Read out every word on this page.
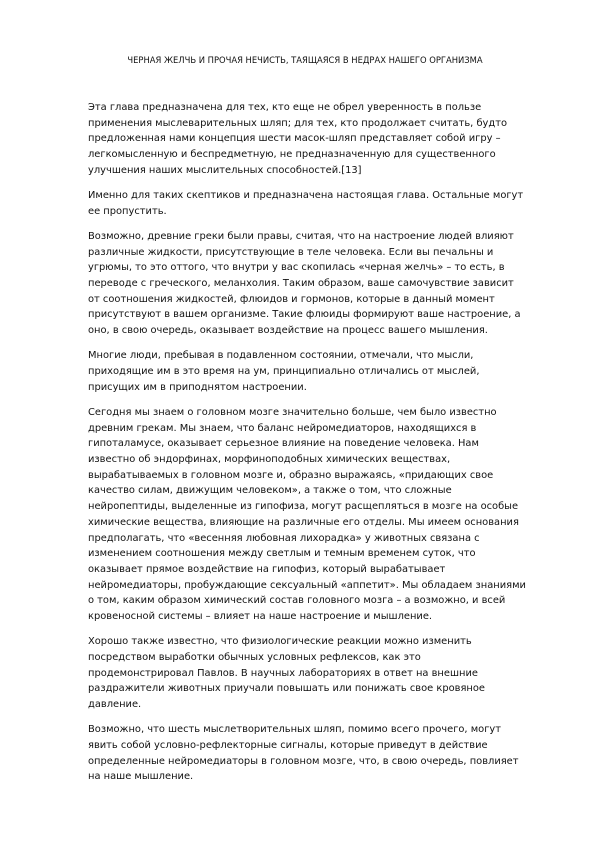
ЧЕРНАЯ ЖЕЛЧЬ И ПРОЧАЯ НЕЧИСТЬ, ТАЯЩАЯСЯ В НЕДРАХ НАШЕГО ОРГАНИЗМА

Эта глава предназначена для тех, кто еще не обрел уверенность в пользе применения мыслеварительных шляп; для тех, кто продолжает считать, будто предложенная нами концепция шести масок-шляп представляет собой игру – легкомысленную и беспредметную, не предназначенную для существенного улучшения наших мыслительных способностей.[13]

Именно для таких скептиков и предназначена настоящая глава. Остальные могут ее пропустить.

Возможно, древние греки были правы, считая, что на настроение людей влияют различные жидкости, присутствующие в теле человека. Если вы печальны и угрюмы, то это оттого, что внутри у вас скопилась «черная желчь» – то есть, в переводе с греческого, меланхолия. Таким образом, ваше самочувствие зависит от соотношения жидкостей, флюидов и гормонов, которые в данный момент присутствуют в вашем организме. Такие флюиды формируют ваше настроение, а оно, в свою очередь, оказывает воздействие на процесс вашего мышления.

Многие люди, пребывая в подавленном состоянии, отмечали, что мысли, приходящие им в это время на ум, принципиально отличались от мыслей, присущих им в приподнятом настроении.

Сегодня мы знаем о головном мозге значительно больше, чем было известно древним грекам. Мы знаем, что баланс нейромедиаторов, находящихся в гипоталамусе, оказывает серьезное влияние на поведение человека. Нам известно об эндорфинах, морфиноподобных химических веществах, вырабатываемых в головном мозге и, образно выражаясь, «придающих свое качество силам, движущим человеком», а также о том, что сложные нейропептиды, выделенные из гипофиза, могут расщепляться в мозге на особые химические вещества, влияющие на различные его отделы. Мы имеем основания предполагать, что «весенняя любовная лихорадка» у животных связана с изменением соотношения между светлым и темным временем суток, что оказывает прямое воздействие на гипофиз, который вырабатывает нейромедиаторы, пробуждающие сексуальный «аппетит». Мы обладаем знаниями о том, каким образом химический состав головного мозга – а возможно, и всей кровеносной системы – влияет на наше настроение и мышление.

Хорошо также известно, что физиологические реакции можно изменить посредством выработки обычных условных рефлексов, как это продемонстрировал Павлов. В научных лабораториях в ответ на внешние раздражители животных приучали повышать или понижать свое кровяное давление.

Возможно, что шесть мыслетворительных шляп, помимо всего прочего, могут явить собой условно-рефлекторные сигналы, которые приведут в действие определенные нейромедиаторы в головном мозге, что, в свою очередь, повлияет на наше мышление.
